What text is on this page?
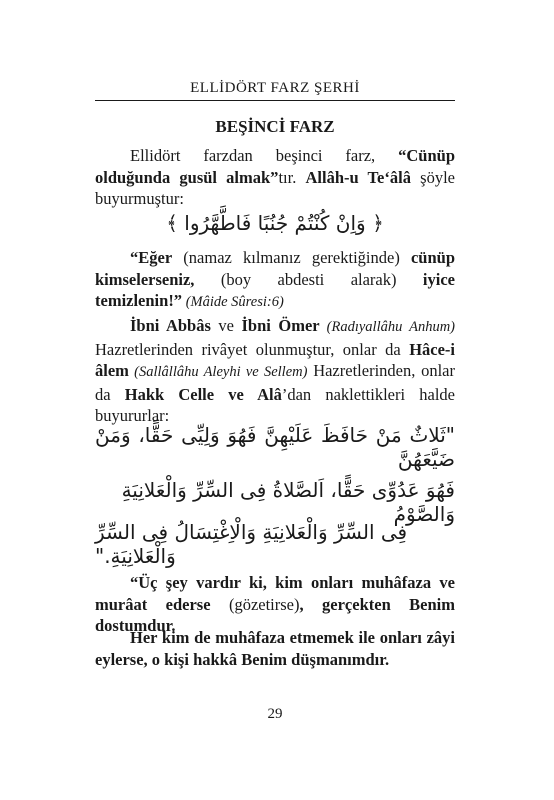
ELLİDÖRT FARZ ŞERHİ
BEŞİNCİ FARZ
Ellidört farzdan beşinci farz, “Cünüp olduğunda gusül almak”tır. Allâh-u Te‘âlâ şöyle buyurmuştur:
﴿ وَاِنْ كُنْتُمْ جُنُبًا فَاطَّهَّرُوا ﴾
“Eğer (namaz kılmanız gerektiğinde) cünüp kimselerseniz, (boy abdesti alarak) iyice temizlenin!” (Mâide Sûresi:6)
İbni Abbâs ve İbni Ömer (Radıyallâhu Anhum) Hazretlerinden rivâyet olunmuştur, onlar da Hâce-i âlem (Sallâllâhu Aleyhi ve Sellem) Hazretlerinden, onlar da Hakk Celle ve Alâ’dan naklettikleri halde buyururlar:
"ثَلاثٌ مَنْ حَافَظَ عَلَيْهِنَّ فَهُوَ وَلِيِّى حَقًّا، وَمَنْ ضَيَّعَهُنَّ
فَهُوَ عَدُوِّى حَقًّا، اَلصَّلاةُ فِى السِّرِّ وَالْعَلانِيَةِ وَالصَّوْمُ
فِى السِّرِّ وَالْعَلانِيَةِ وَالْاِغْتِسَالُ فِى السِّرِّ وَالْعَلانِيَةِ."
“Üç şey vardır ki, kim onları muhâfaza ve murâat ederse (gözetirse), gerçekten Benim dostumdur.
Her kim de muhâfaza etmemek ile onları zâyi eylerse, o kişi hakkâ Benim düşmanımdır.
29
